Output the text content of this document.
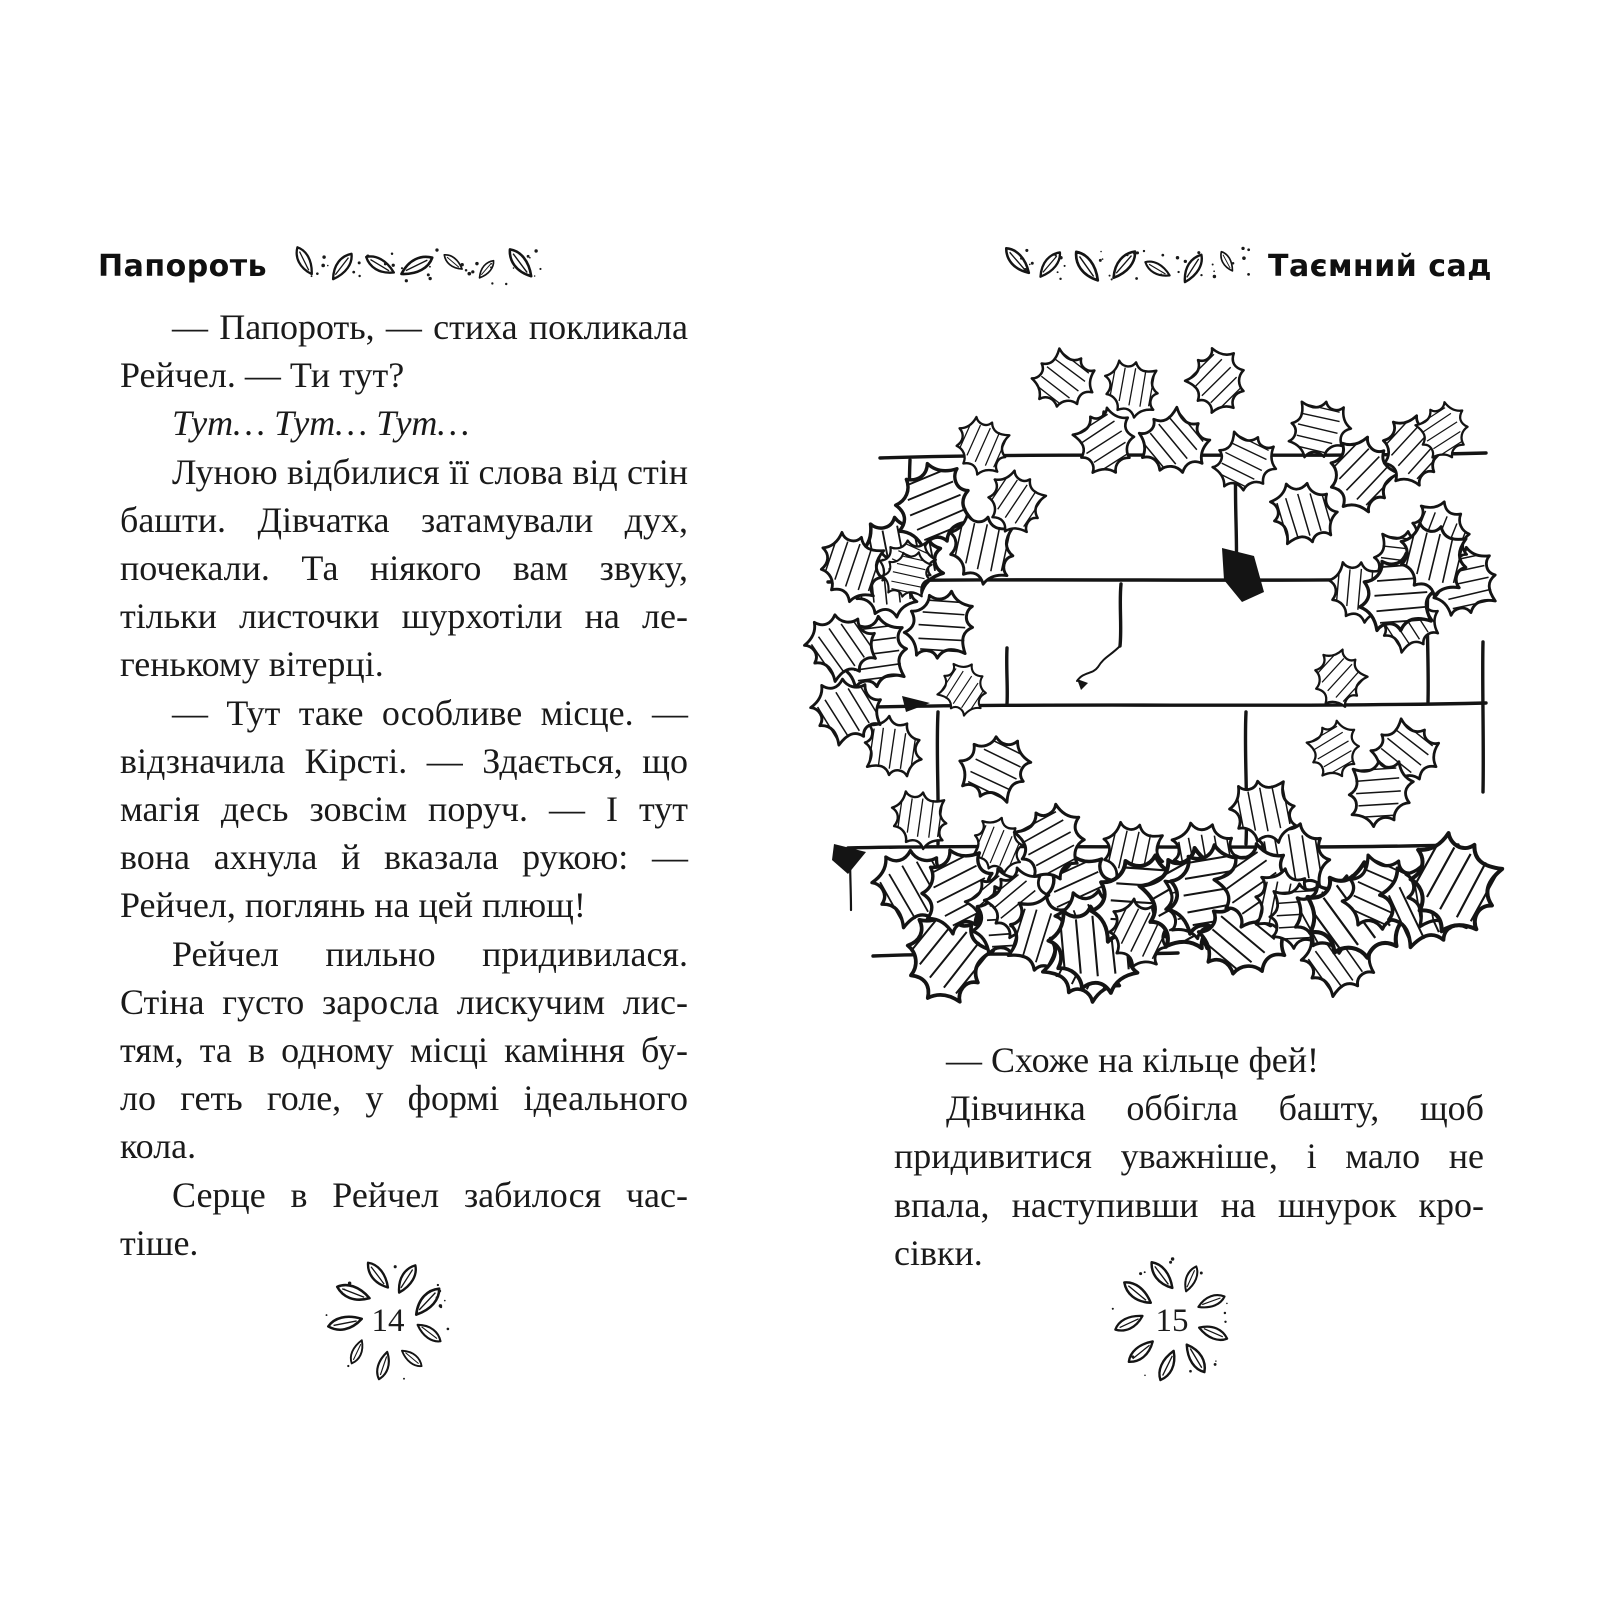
Папороть
— Папороть, — стиха покликала
Рейчел. — Ти тут?
Тут… Тут… Тут…
Луною відбилися її слова від стін
башти. Дівчатка затамували дух,
почекали. Та ніякого вам звуку,
тільки листочки шурхотіли на ле-
генькому вітерці.
— Тут таке особливе місце. —
відзначила Кірсті. — Здається, що
магія десь зовсім поруч. — І тут
вона ахнула й вказала рукою: —
Рейчел, поглянь на цей плющ!
Рейчел пильно придивилася.
Стіна густо заросла лискучим лис-
тям, та в одному місці каміння бу-
ло геть голе, у формі ідеального
кола.
Серце в Рейчел забилося час-
тіше.
14
Таємний сад
— Схоже на кільце фей!
Дівчинка оббігла башту, щоб
придивитися уважніше, і мало не
впала, наступивши на шнурок кро-
сівки.
15
